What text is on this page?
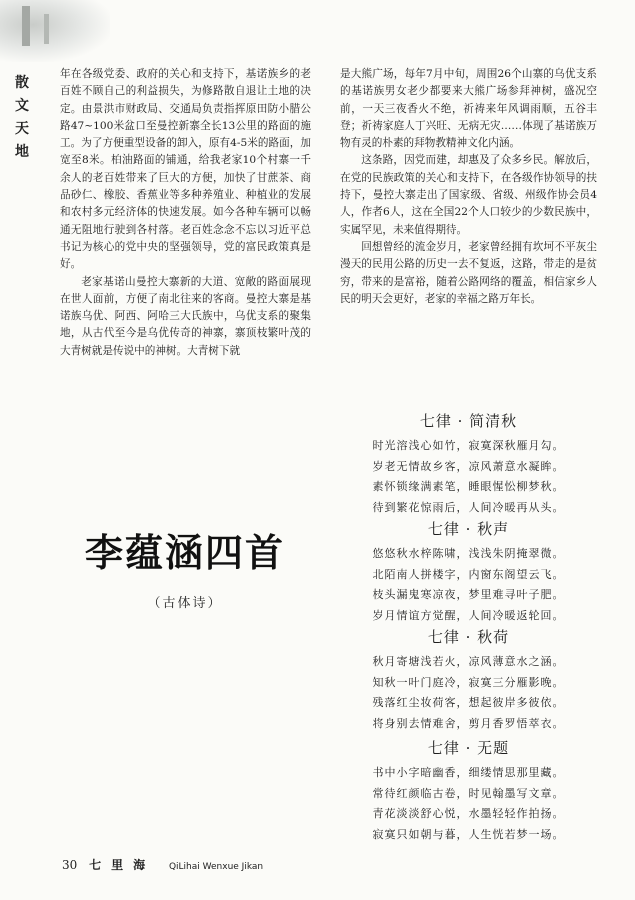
散文天地

年在各级党委、政府的关心和支持下，基诺族乡的老百姓不顾自己的利益损失，为修路散自退让土地的决定。由景洪市财政局、交通局负责指挥原田防小腊公路47~100米盆口至曼控新寨全长13公里的路面的施工。为了方便重型设备的卸入，原有4-5米的路面，加宽至8米。柏油路面的铺通，给我老家10个村寨一千余人的老百姓带来了巨大的方便，加快了甘蔗茶、商品砂仁、橡胶、香蕉业等多种养殖业、种植业的发展和农村多元经济体的快速发展。如今各种车辆可以畅通无阻地行驶到各村落。老百姓念念不忘以习近平总书记为核心的党中央的坚强领导，党的富民政策真是好。

老家基诺山曼控大寨新的大道、宽敞的路面展现在世人面前，方便了南北往来的客商。曼控大寨是基诺族乌优、阿西、阿哈三大氏族中，乌优支系的聚集地，从古代至今是乌优传奇的神寨，寨顶枝繁叶茂的大青树就是传说中的神树。大青树下就

是大熊广场，每年7月中旬，周围26个山寨的乌优支系的基诺族男女老少都要来大熊广场参拜神树，盛况空前，一天三夜香火不绝，祈祷来年风调雨顺，五谷丰登；祈祷家庭人丁兴旺、无病无灾……体现了基诺族万物有灵的朴素的拜物教精神文化内涵。

这条路，因党而建，却惠及了众多乡民。解放后，在党的民族政策的关心和支持下，在各级作协领导的扶持下，曼控大寨走出了国家级、省级、州级作协会员4人，作者6人，这在全国22个人口较少的少数民族中，实属罕见，未来值得期待。

回想曾经的流金岁月，老家曾经拥有坎坷不平灰尘漫天的民用公路的历史一去不复返，这路，带走的是贫穷，带来的是富裕，随着公路网络的覆盖，相信家乡人民的明天会更好，老家的幸福之路万年长。

李蕴涵四首
（古体诗）
七律 · 简清秋
时光溶浅心如竹，寂寞深秋雁月勾。
岁老无情故乡客，凉风萧意水凝眸。
素怀锁缘满素笔，睡眼惺忪柳梦秋。
待到繁花惊雨后，人间冷暖再从头。
七律 · 秋声
悠悠秋水梓陈啸，浅浅朱阴掩翠微。
北陌南人拼楼字，内窗东阁望云飞。
枝头漏鬼寒凉夜，梦里难寻叶子肥。
岁月情谊方觉醒，人间冷暖返轮回。
七律 · 秋荷
秋月寄塘浅若火，凉风薄意水之涵。
知秋一叶门庭冷，寂寞三分雁影晚。
残落红尘妆荷客，想起彼岸多彼依。
将身别去情难舍，剪月香罗悟萃衣。
七律 · 无题
书中小字暗幽香，细缕情思那里藏。
常待红颜临古卷，时见翰墨写文章。
青花淡淡舒心悦，水墨轻轻作拍扬。
寂寞只如朝与暮，人生恍若梦一场。
30 七里海 QiLihai Wenxue Jikan
